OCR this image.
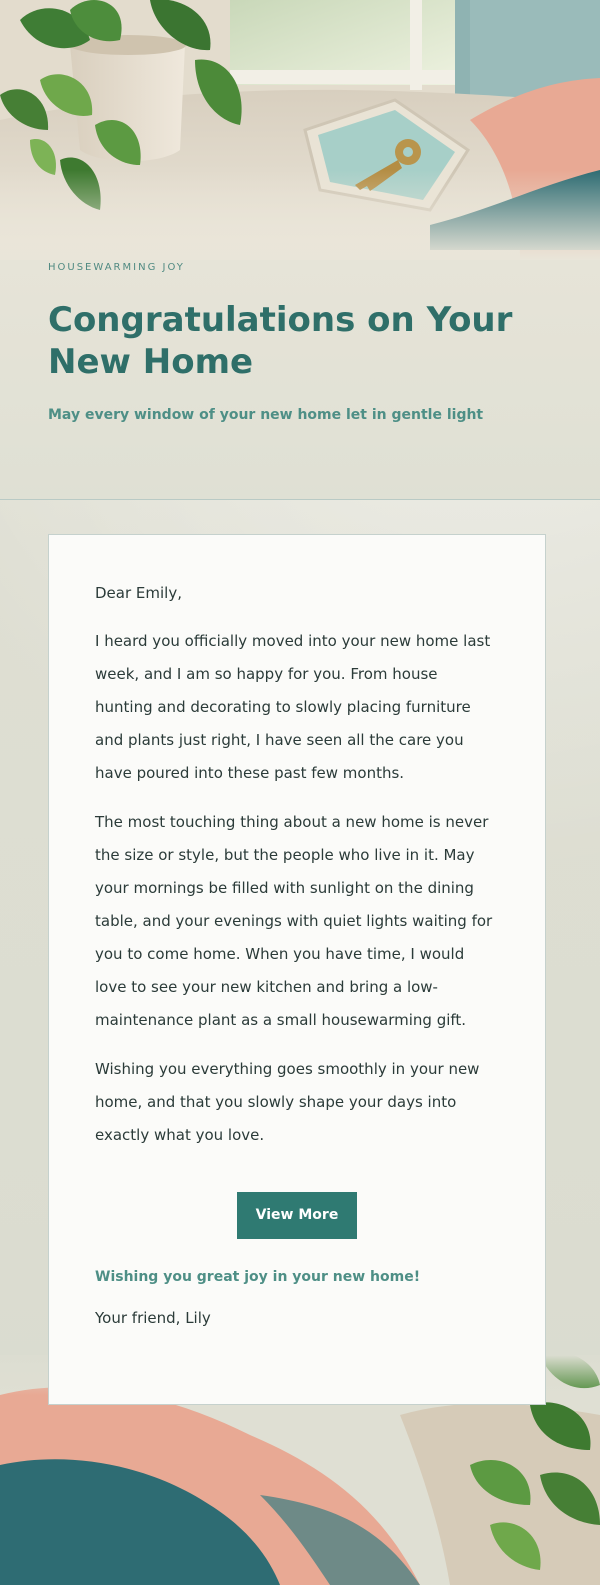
HOUSEWARMING JOY

Congratulations on Your New Home

May every window of your new home let in gentle light

Dear Emily,

I heard you officially moved into your new home last week, and I am so happy for you. From house hunting and decorating to slowly placing furniture and plants just right, I have seen all the care you have poured into these past few months.

The most touching thing about a new home is never the size or style, but the people who live in it. May your mornings be filled with sunlight on the dining table, and your evenings with quiet lights waiting for you to come home. When you have time, I would love to see your new kitchen and bring a low-maintenance plant as a small housewarming gift.

Wishing you everything goes smoothly in your new home, and that you slowly shape your days into exactly what you love.

View More

Wishing you great joy in your new home!

Your friend, Lily
